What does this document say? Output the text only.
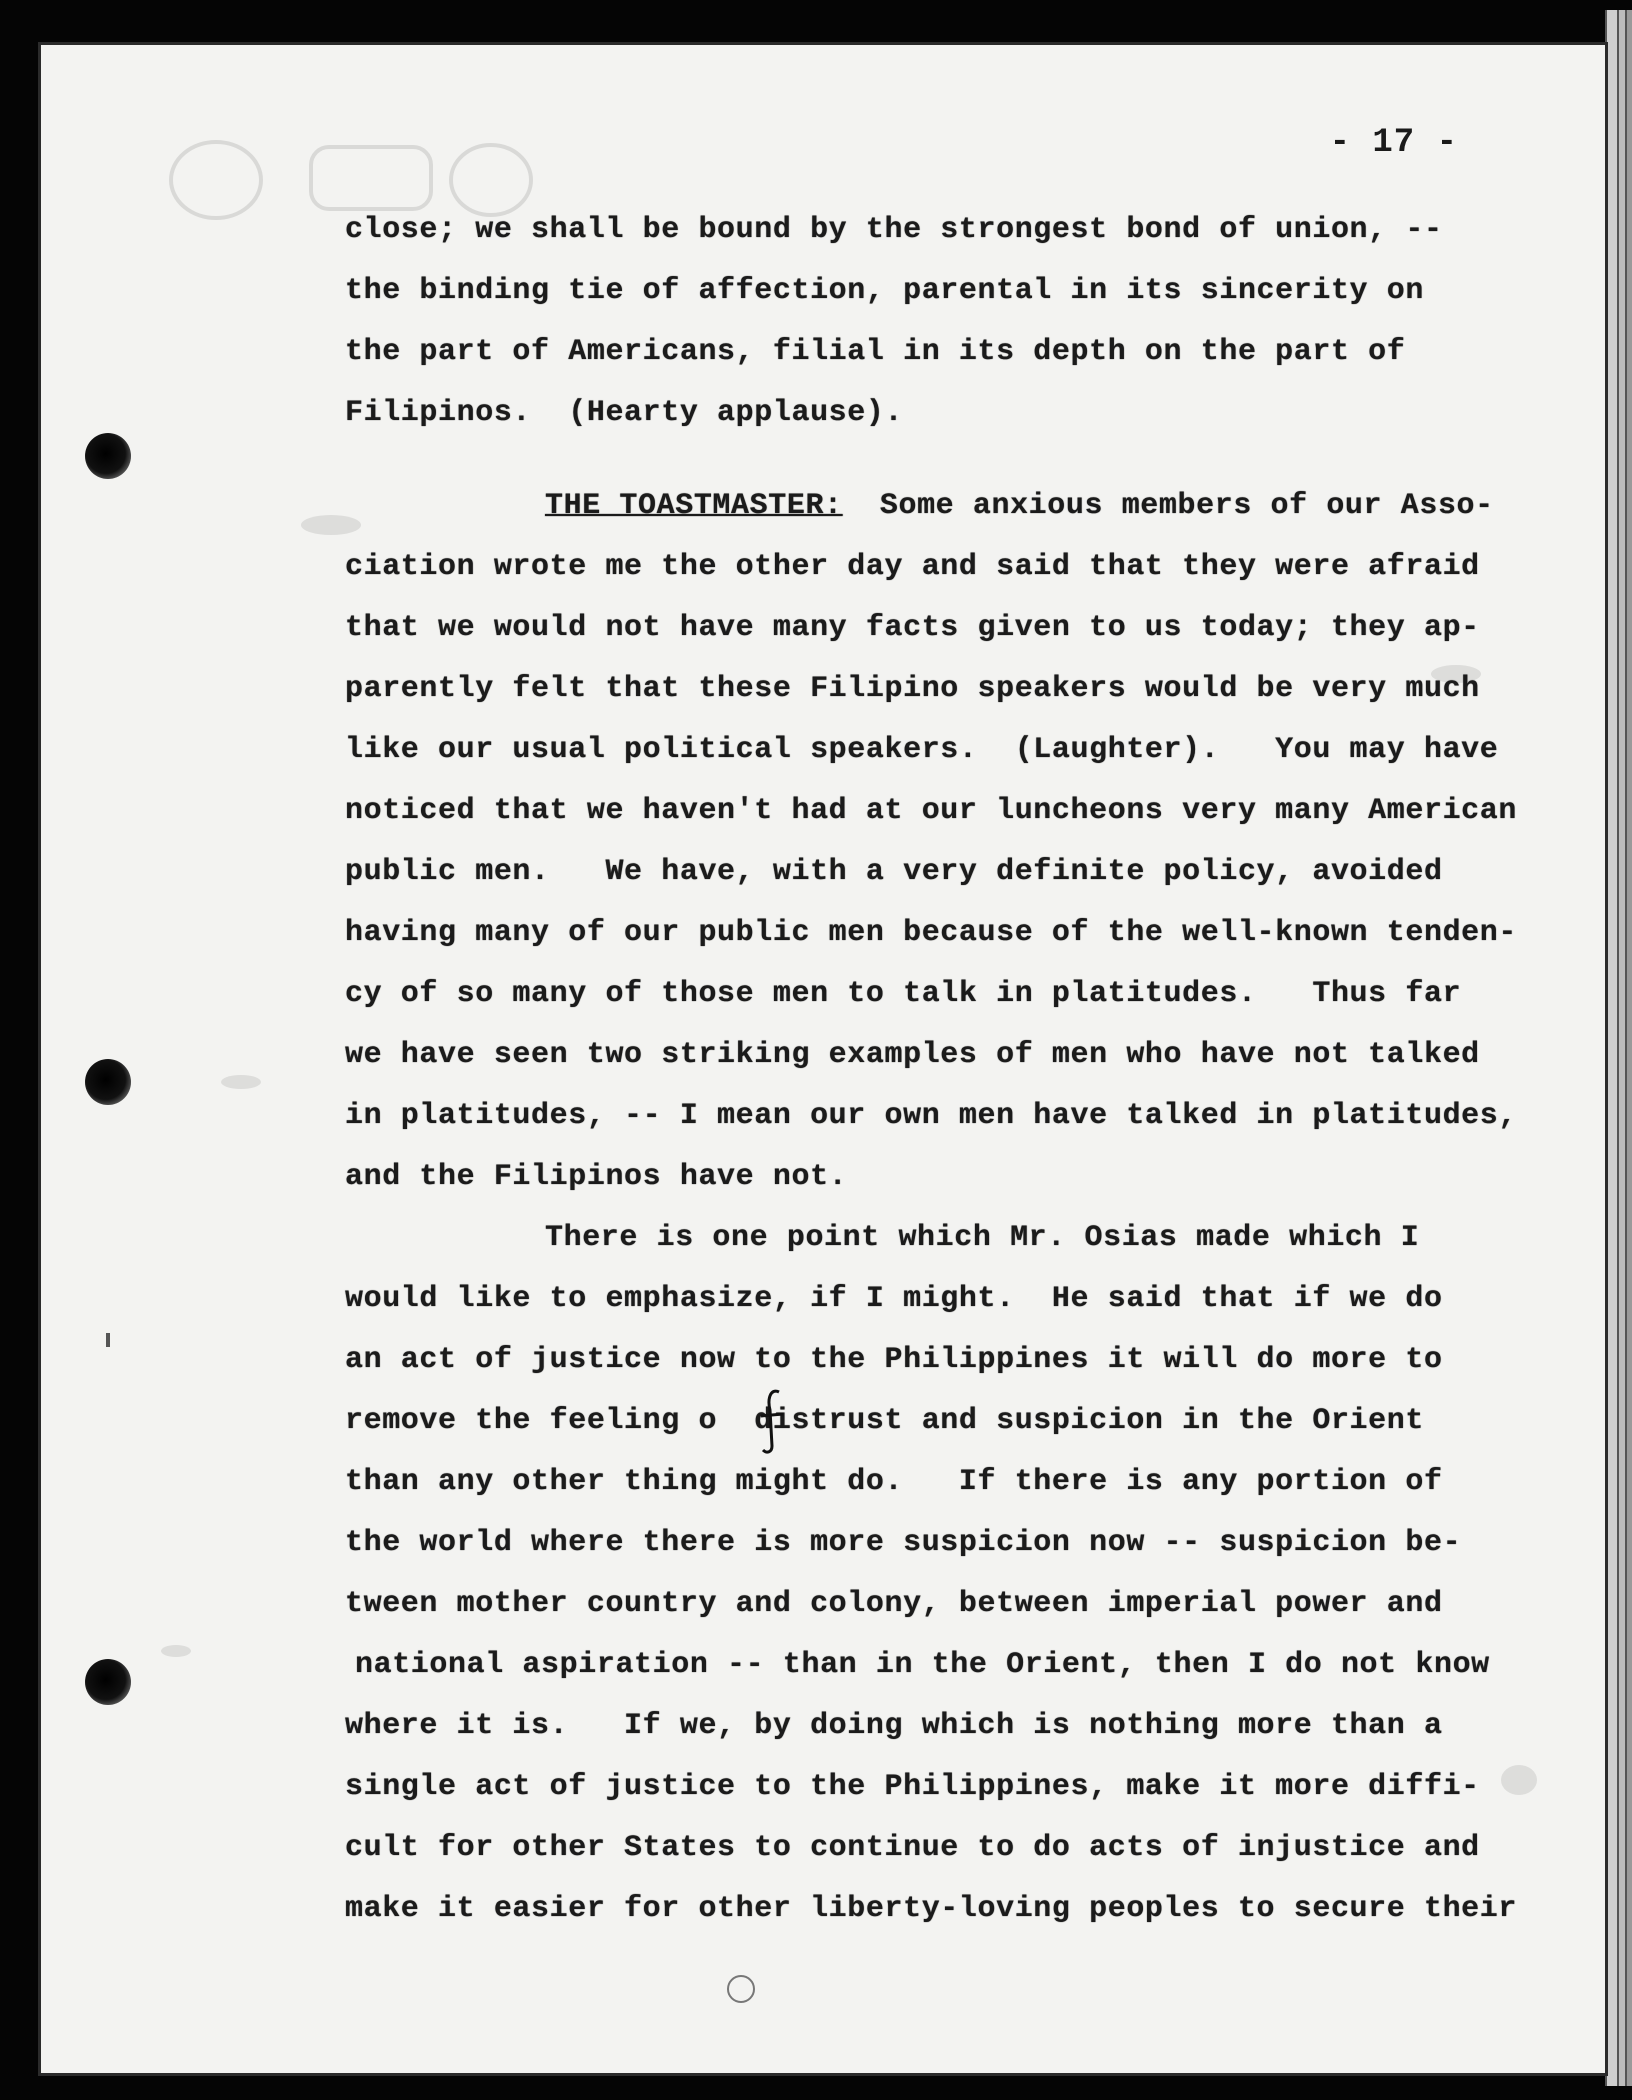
- 17 -
close; we shall be bound by the strongest bond of union, --
the binding tie of affection, parental in its sincerity on
the part of Americans, filial in its depth on the part of
Filipinos.  (Hearty applause).
THE TOASTMASTER:  Some anxious members of our Asso-
ciation wrote me the other day and said that they were afraid
that we would not have many facts given to us today; they ap-
parently felt that these Filipino speakers would be very much
like our usual political speakers.  (Laughter).   You may have
noticed that we haven't had at our luncheons very many American
public men.   We have, with a very definite policy, avoided
having many of our public men because of the well-known tenden-
cy of so many of those men to talk in platitudes.   Thus far
we have seen two striking examples of men who have not talked
in platitudes, -- I mean our own men have talked in platitudes,
and the Filipinos have not.
There is one point which Mr. Osias made which I
would like to emphasize, if I might.  He said that if we do
an act of justice now to the Philippines it will do more to
remove the feeling o  distrust and suspicion in the Orient
than any other thing might do.   If there is any portion of
the world where there is more suspicion now -- suspicion be-
tween mother country and colony, between imperial power and
national aspiration -- than in the Orient, then I do not know
where it is.   If we, by doing which is nothing more than a
single act of justice to the Philippines, make it more diffi-
cult for other States to continue to do acts of injustice and
make it easier for other liberty-loving peoples to secure their
f
